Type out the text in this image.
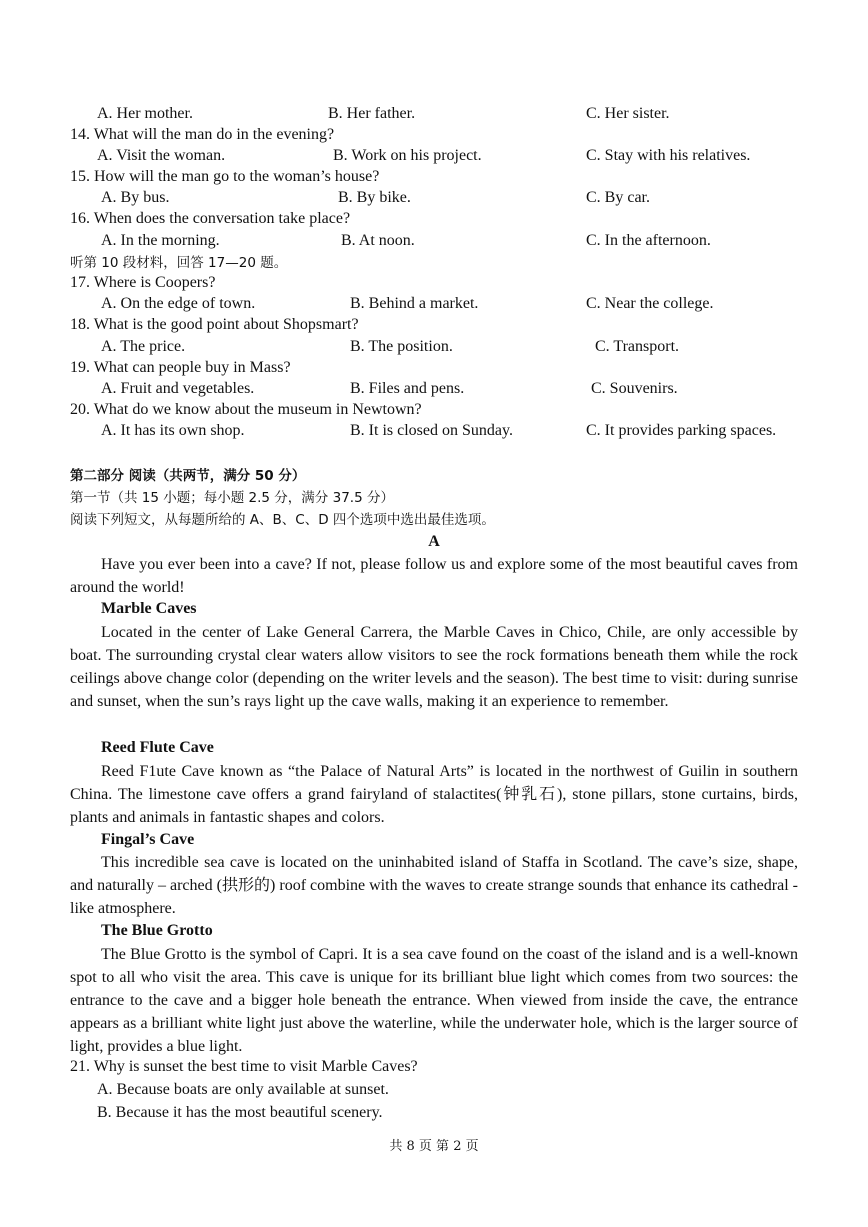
A. Her mother.	B. Her father.	C. Her sister.
14. What will the man do in the evening?
A. Visit the woman.	B. Work on his project.	C. Stay with his relatives.
15. How will the man go to the woman’s house?
A. By bus.	B. By bike.	C. By car.
16. When does the conversation take place?
A. In the morning.	B. At noon.	C. In the afternoon.
听第 10 段材料，回答 17—20 题。
17. Where is Coopers?
A. On the edge of town.	B. Behind a market.	C. Near the college.
18. What is the good point about Shopsmart?
A. The price.	B. The position.	C. Transport.
19. What can people buy in Mass?
A. Fruit and vegetables.	B. Files and pens.	C. Souvenirs.
20. What do we know about the museum in Newtown?
A. It has its own shop.	B. It is closed on Sunday.	C. It provides parking spaces.
第二部分 阅读（共两节，满分 50 分）
第一节（共 15 小题；每小题 2.5 分，满分 37.5 分）
阅读下列短文，从每题所给的 A、B、C、D 四个选项中选出最佳选项。
A
Have you ever been into a cave? If not, please follow us and explore some of the most beautiful caves from around the world!
Marble Caves
Located in the center of Lake General Carrera, the Marble Caves in Chico, Chile, are only accessible by boat. The surrounding crystal clear waters allow visitors to see the rock formations beneath them while the rock ceilings above change color (depending on the writer levels and the season). The best time to visit: during sunrise and sunset, when the sun’s rays light up the cave walls, making it an experience to remember.
Reed Flute Cave
Reed F1ute Cave known as “the Palace of Natural Arts” is located in the northwest of Guilin in southern China. The limestone cave offers a grand fairyland of stalactites(钟乳石), stone pillars, stone curtains, birds, plants and animals in fantastic shapes and colors.
Fingal’s Cave
This incredible sea cave is located on the uninhabited island of Staffa in Scotland. The cave’s size, shape, and naturally – arched (拱形的) roof combine with the waves to create strange sounds that enhance its cathedral - like atmosphere.
The Blue Grotto
The Blue Grotto is the symbol of Capri. It is a sea cave found on the coast of the island and is a well-known spot to all who visit the area. This cave is unique for its brilliant blue light which comes from two sources: the entrance to the cave and a bigger hole beneath the entrance. When viewed from inside the cave, the entrance appears as a brilliant white light just above the waterline, while the underwater hole, which is the larger source of light, provides a blue light.
21. Why is sunset the best time to visit Marble Caves?
A. Because boats are only available at sunset.
B. Because it has the most beautiful scenery.
共 8 页 第 2 页
